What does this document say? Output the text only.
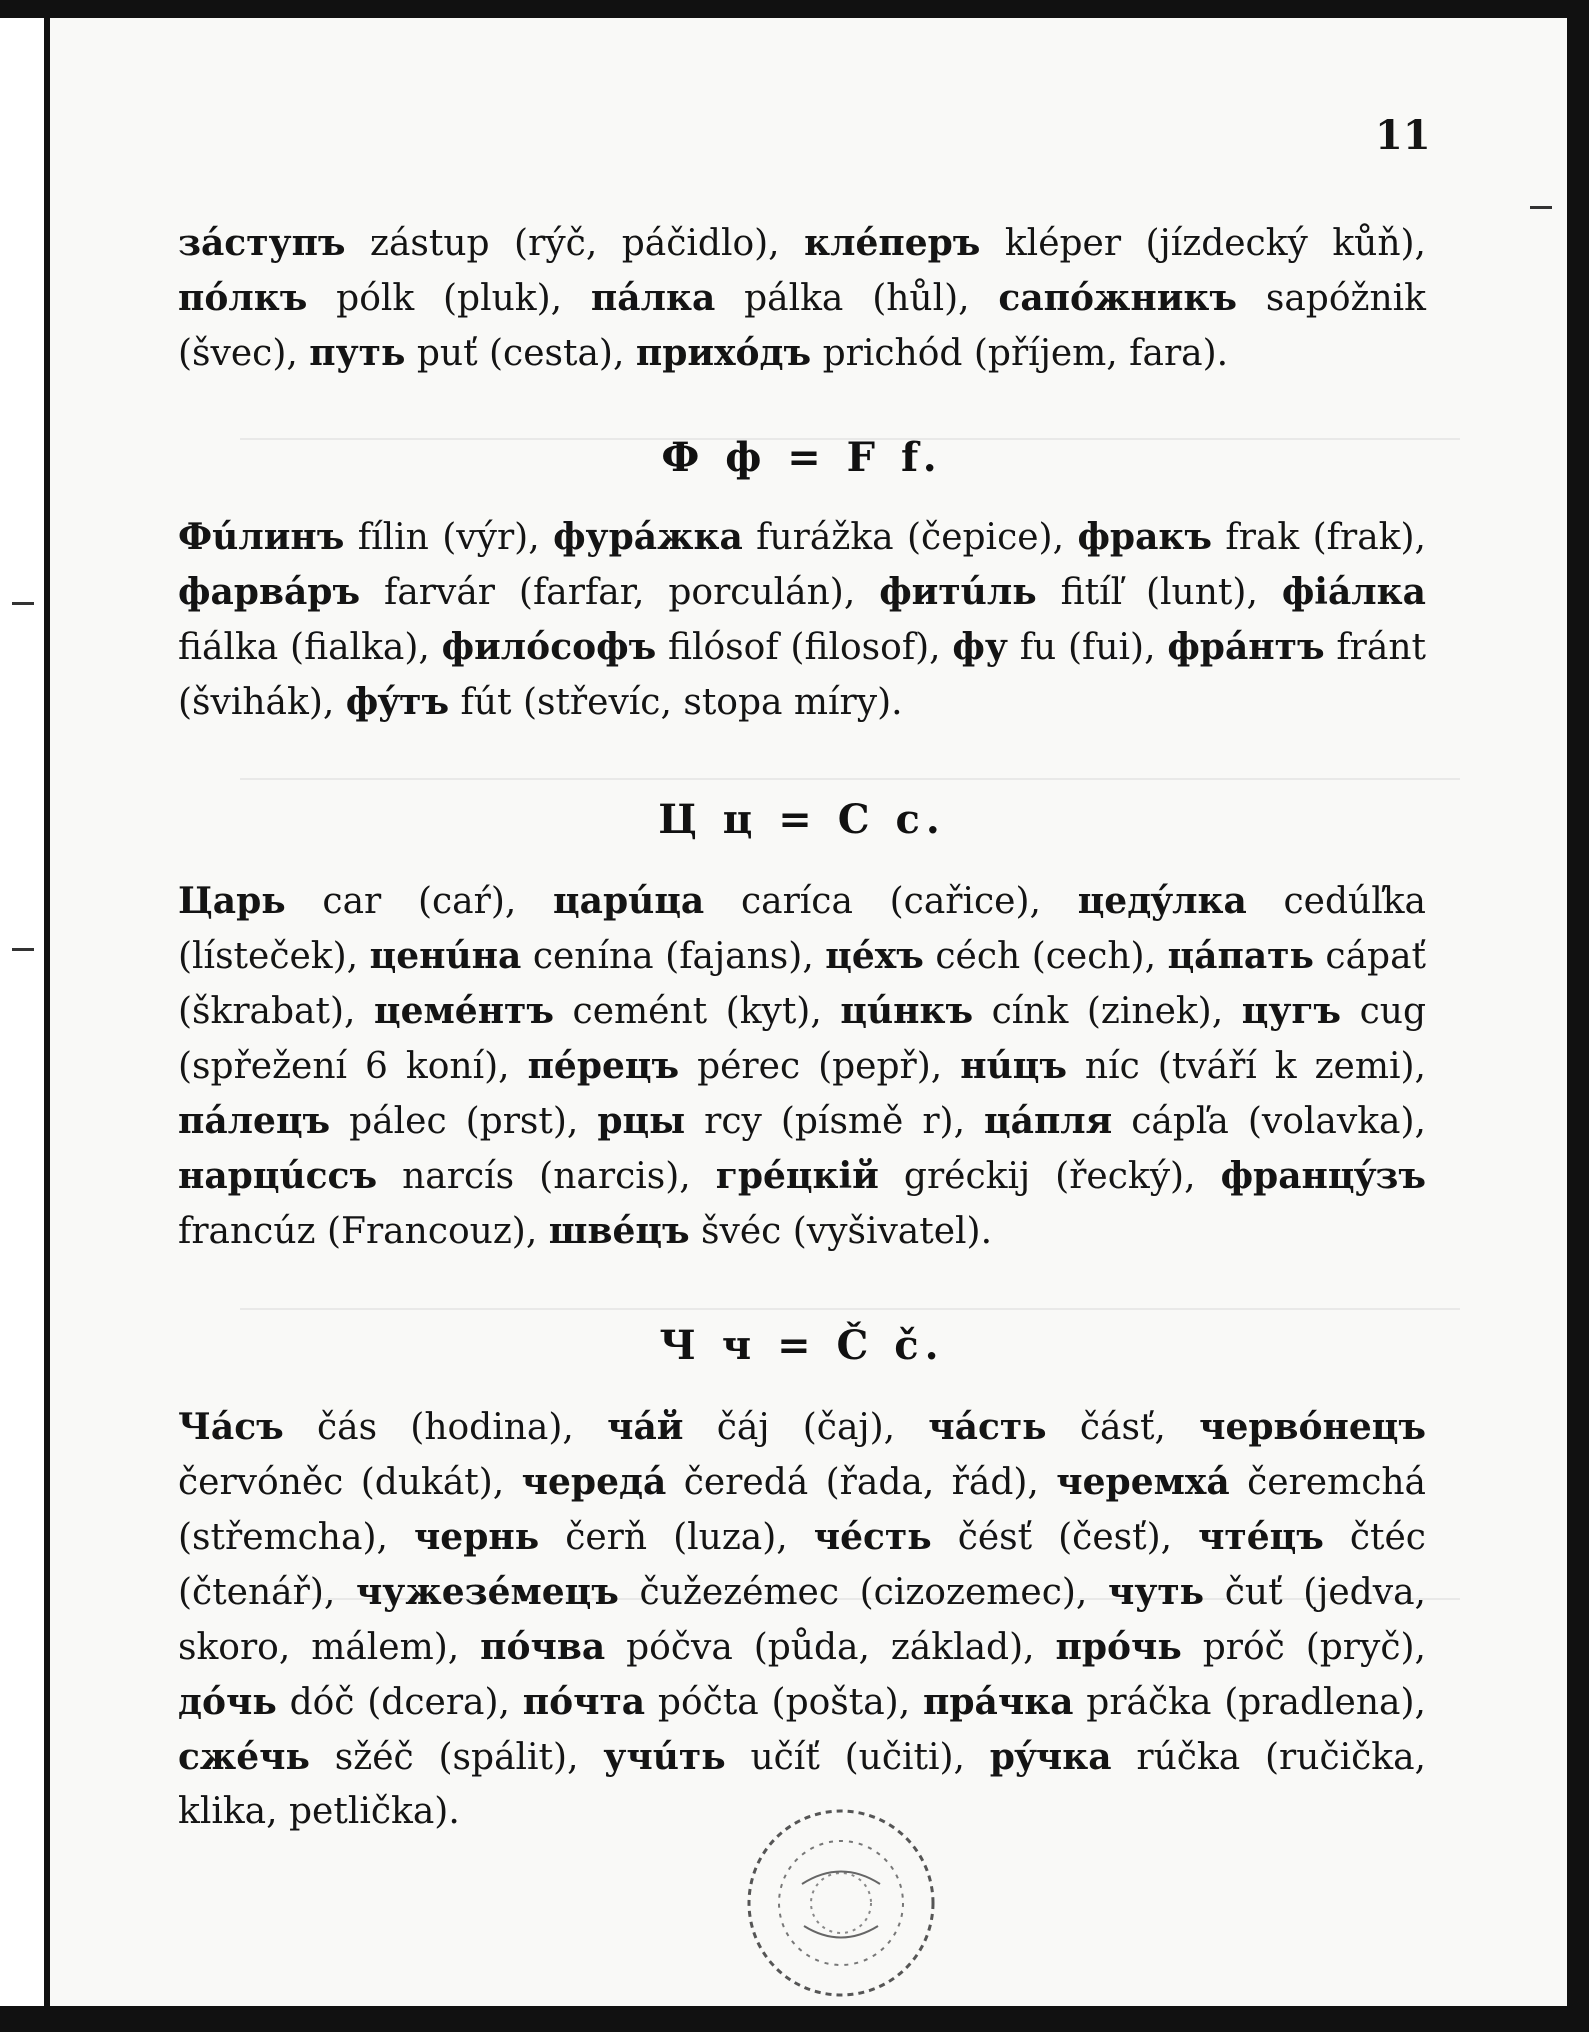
11

зáступъ zástup (rýč, páčidlo), клéперъ kléper (jízdecký kůň), пóлкъ pólk (pluk), пáлка pálka (hůl), сапóжникъ sapóžnik (švec), путь puť (cesta), прихóдъ prichód (příjem, fara).

Ф ф = F f.

Фúлинъ fílin (výr), фурáжка furážka (čepice), фракъ frak (frak), фарвáръ farvár (farfar, porculán), фитúль fitíľ (lunt), фiáлка fiálka (fialka), филóсофъ filósof (filosof), фу fu (fui), фрáнтъ fránt (švihák), фýтъ fút (střevíc, stopa míry).

Ц ц = C c.

Царь car (caŕ), царúца caríca (cařice), цедýлка cedúľka (lísteček), ценúна cenína (fajans), цéхъ céch (cech), цáпать cápať (škrabat), цемéнтъ cemént (kyt), цúнкъ cínk (zinek), цугъ cug (spřežení 6 koní), пéрецъ pérec (pepř), нúцъ níc (tváří k zemi), пáлецъ pálec (prst), рцы rcy (písmě r), цáпля cápľa (volavka), нарцúссъ narcís (narcis), грéцкiй gréckij (řecký), францýзъ francúz (Francouz), швéцъ švéc (vyšivatel).

Ч ч = Č č.

Чáсъ čás (hodina), чáй čáj (čaj), чáсть čásť, червóнецъ červóněc (dukát), чередá čeredá (řada, řád), черемхá čeremchá (střemcha), чернь čerň (luza), чéсть čésť (česť), чтéцъ čtéc (čtenář), чужезéмецъ čužezémec (cizozemec), чуть čuť (jedva, skoro, málem), пóчва póčva (půda, základ), прóчь próč (pryč), дóчь dóč (dcera), пóчта póčta (pošta), прáчка práčka (pradlena), сжéчь sžéč (spálit), учúть učíť (učiti), рýчка rúčka (ručička, klika, petlička).
